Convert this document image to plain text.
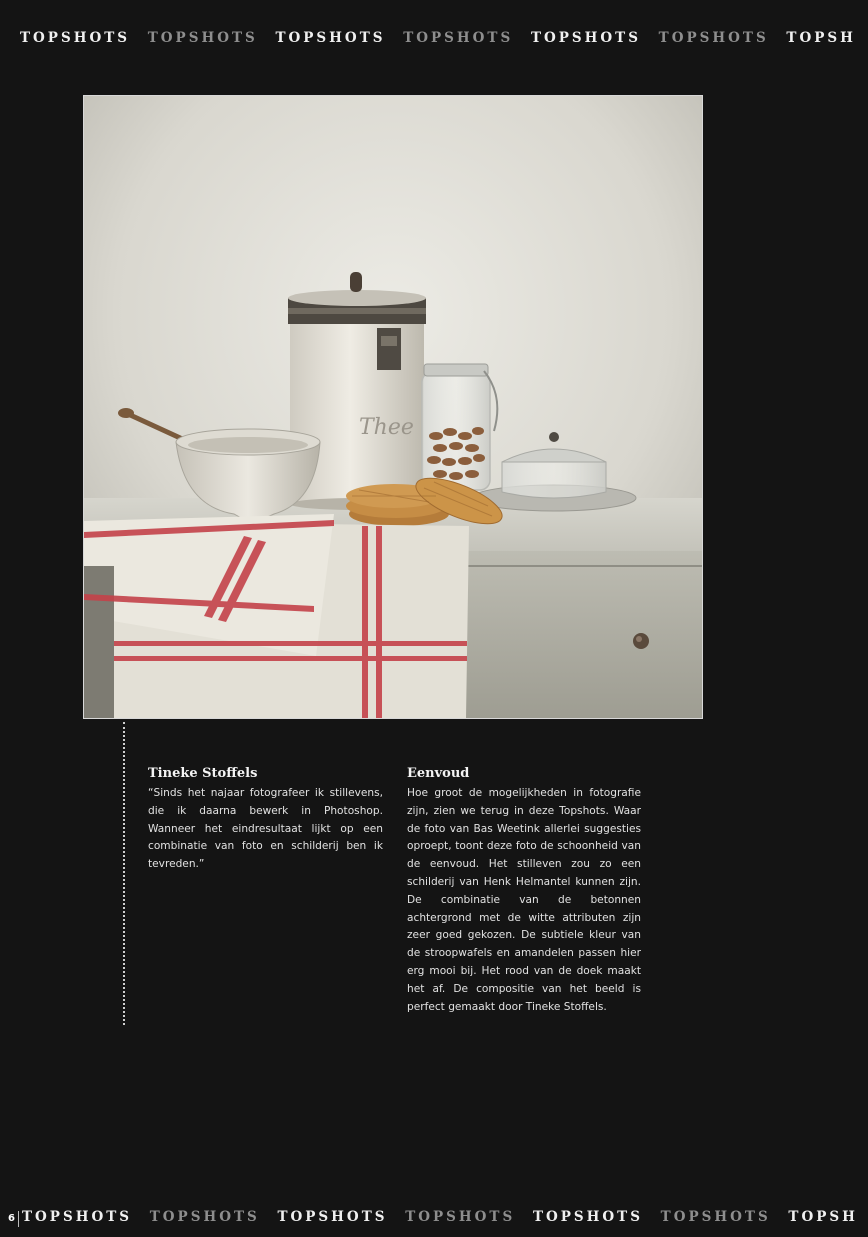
TOPSHOTS TOPSHOTS TOPSHOTS TOPSHOTS TOPSHOTS TOPSHOTS TOPSH
Thee
Tineke Stoffels

“Sinds het najaar fotografeer ik stillevens, die ik daarna bewerk in Photoshop. Wanneer het eindresultaat lijkt op een combinatie van foto en schilderij ben ik tevreden.”

Eenvoud

Hoe groot de mogelijkheden in fotografie zijn, zien we terug in deze Topshots. Waar de foto van Bas Weetink allerlei suggesties oproept, toont deze foto de schoonheid van de eenvoud. Het stilleven zou zo een schilderij van Henk Helmantel kunnen zijn. De combinatie van de betonnen achtergrond met de witte attributen zijn zeer goed gekozen. De subtiele kleur van de stroopwafels en amandelen passen hier erg mooi bij. Het rood van de doek maakt het af. De compositie van het beeld is perfect gemaakt door Tineke Stoffels.

6 TOPSHOTS TOPSHOTS TOPSHOTS TOPSHOTS TOPSHOTS TOPSHOTS TOPSH
